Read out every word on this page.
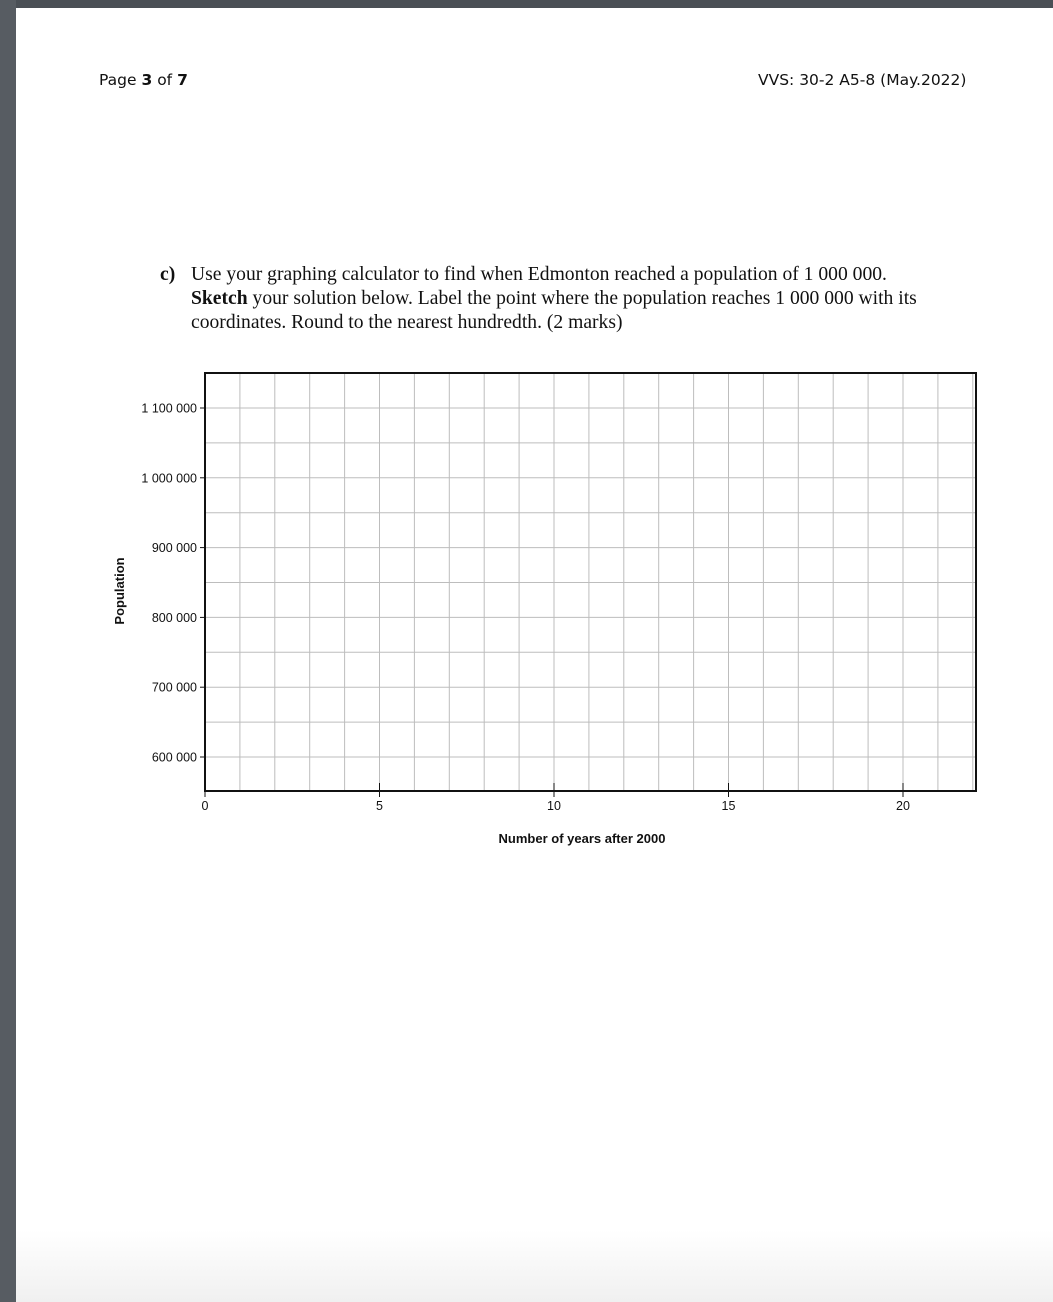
Page 3 of 7	VVS: 30-2 A5-8 (May.2022)
c) Use your graphing calculator to find when Edmonton reached a population of 1 000 000.
Sketch your solution below. Label the point where the population reaches 1 000 000 with its
coordinates. Round to the nearest hundredth. (2 marks)
600 000
700 000
800 000
900 000
1 000 000
1 100 000
0	5	10	15	20
Population
Number of years after 2000
